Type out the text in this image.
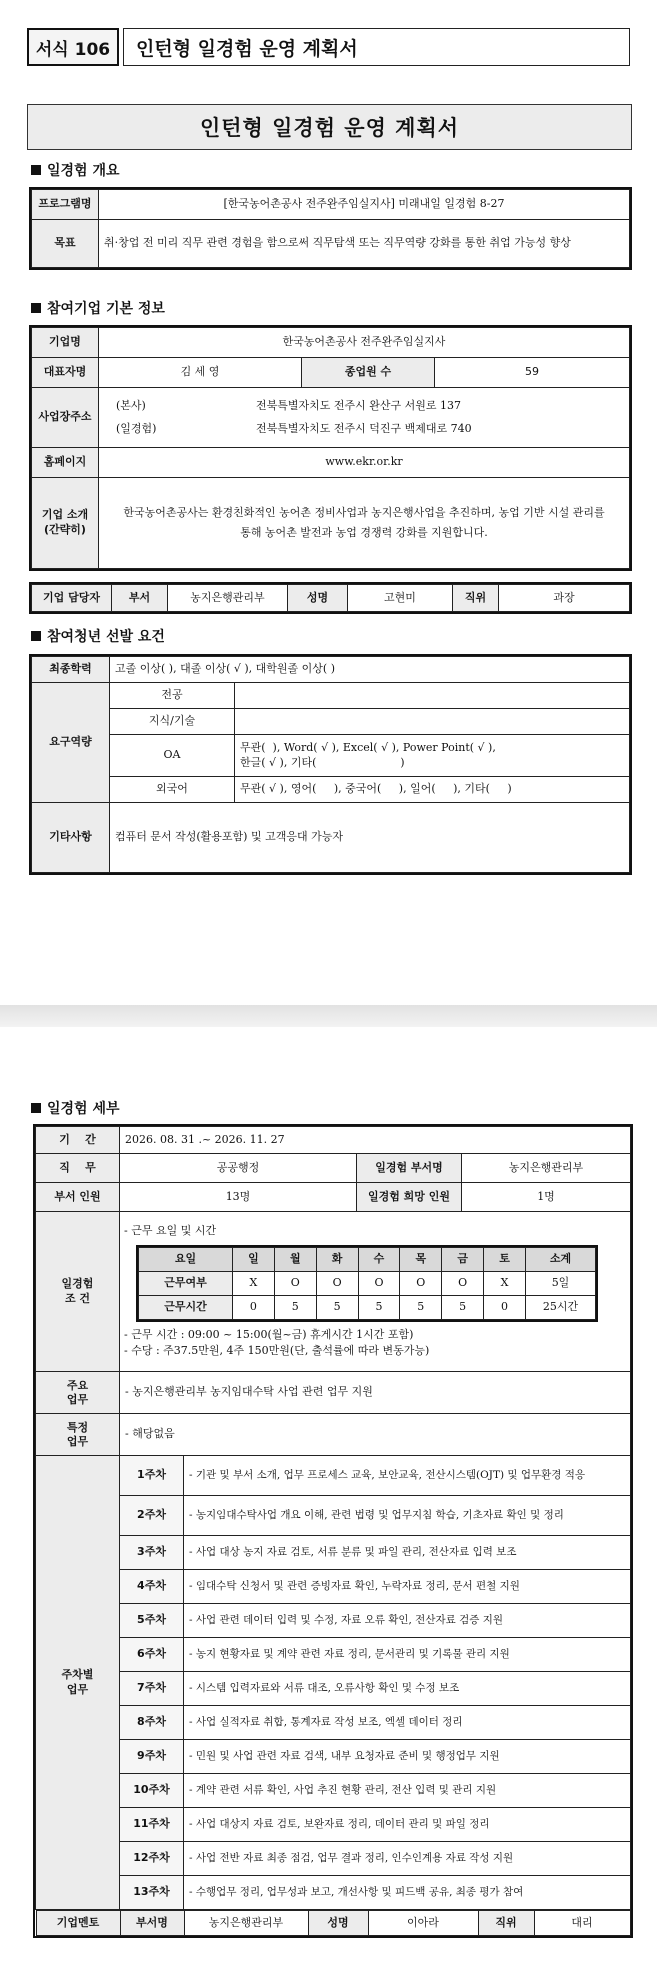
서식 106 인턴형 일경험 운영 계획서
인턴형 일경험 운영 계획서
일경험 개요
프로그램명	[한국농어촌공사 전주완주임실지사] 미래내일 일경험 8-27
목표	취·창업 전 미리 직무 관련 경험을 함으로써 직무탐색 또는 직무역량 강화를 통한 취업 가능성 향상
참여기업 기본 정보
기업명	한국농어촌공사 전주완주임실지사		
대표자명	김 세 영	종업원 수	59
사업장주소	(본사) 전북특별자치도 전주시 완산구 서원로 137
(일경험) 전북특별자치도 전주시 덕진구 백제대로 740		

홈페이지	www.ekr.or.kr		
기업 소개
(간략히)	한국농어촌공사는 환경친화적인 농어촌 정비사업과 농지은행사업을 추진하며, 농업 기반 시설 관리를 통해 농어촌 발전과 농업 경쟁력 강화를 지원합니다.		
기업 담당자	부서	농지은행관리부	성명	고현미	직위	과장
참여청년 선발 요건
최종학력	고졸 이상( ), 대졸 이상( √ ), 대학원졸 이상( )	
요구역량	전공	
	지식/기술	
	OA	무관(  ), Word( √ ), Excel( √ ), Power Point( √ ),
한글( √ ), 기타(                        )

	외국어	무관( √ ), 영어(     ), 중국어(     ), 일어(     ), 기타(     )
기타사항	컴퓨터 문서 작성(활용포함) 및 고객응대 가능자	
일경험 세부
기    간	2026. 08. 31 .~ 2026. 11. 27
직    무	공공행정	일경험 부서명	농지은행관리부
부서 인원	13명	일경험 희망 인원	1명
일경험
조 건	
- 근무 요일 및 시간
요일	일	월	화	수	목	금	토	소계
근무여부	X	O	O	O	O	O	X	5일
근무시간	0	5	5	5	5	5	0	25시간
- 근무 시간 : 09:00 ~ 15:00(월~금) 휴게시간 1시간 포함)
- 수당 : 주37.5만원, 4주 150만원(단, 출석률에 따라 변동가능)

주요
업무	- 농지은행관리부 농지임대수탁 사업 관련 업무 지원
특정
업무	- 해당없음
주차별
업무	1주차	- 기관 및 부서 소개, 업무 프로세스 교육, 보안교육, 전산시스템(OJT) 및 업무환경 적응
2주차	- 농지임대수탁사업 개요 이해, 관련 법령 및 업무지침 학습, 기초자료 확인 및 정리
3주차	- 사업 대상 농지 자료 검토, 서류 분류 및 파일 관리, 전산자료 입력 보조
4주차	- 임대수탁 신청서 및 관련 증빙자료 확인, 누락자료 정리, 문서 편철 지원
5주차	- 사업 관련 데이터 입력 및 수정, 자료 오류 확인, 전산자료 검증 지원
6주차	- 농지 현황자료 및 계약 관련 자료 정리, 문서관리 및 기록물 관리 지원
7주차	- 시스템 입력자료와 서류 대조, 오류사항 확인 및 수정 보조
8주차	- 사업 실적자료 취합, 통계자료 작성 보조, 엑셀 데이터 정리
9주차	- 민원 및 사업 관련 자료 검색, 내부 요청자료 준비 및 행정업무 지원
10주차	- 계약 관련 서류 확인, 사업 추진 현황 관리, 전산 입력 및 관리 지원
11주차	- 사업 대상지 자료 검토, 보완자료 정리, 데이터 관리 및 파일 정리
12주차	- 사업 전반 자료 최종 점검, 업무 결과 정리, 인수인계용 자료 작성 지원
13주차	- 수행업무 정리, 업무성과 보고, 개선사항 및 피드백 공유, 최종 평가 참여

기업멘토	부서명	농지은행관리부	성명	이아라	직위	대리
